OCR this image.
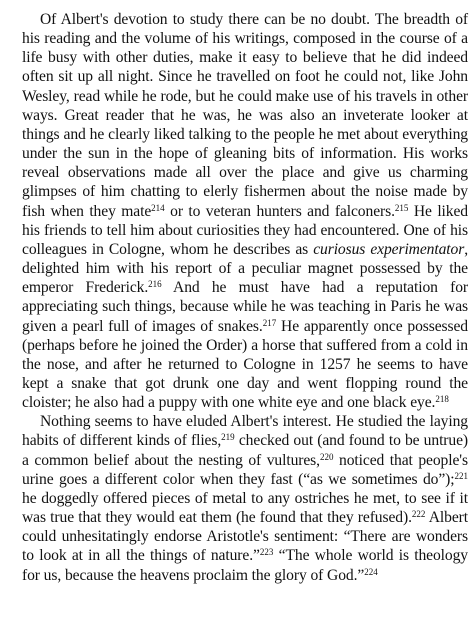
Of Albert's devotion to study there can be no doubt. The breadth of his reading and the volume of his writings, composed in the course of a life busy with other duties, make it easy to believe that he did indeed often sit up all night. Since he travelled on foot he could not, like John Wesley, read while he rode, but he could make use of his travels in other ways. Great reader that he was, he was also an inveterate looker at things and he clearly liked talking to the people he met about everything under the sun in the hope of gleaning bits of information. His works reveal observations made all over the place and give us charming glimpses of him chatting to elerly fishermen about the noise made by fish when they mate$^{214}$ or to veteran hunters and falconers.$^{215}$ He liked his friends to tell him about curiosities they had encountered. One of his colleagues in Cologne, whom he describes as curiosus experimentator, delighted him with his report of a peculiar magnet possessed by the emperor Frederick.$^{216}$ And he must have had a reputation for appreciating such things, because while he was teaching in Paris he was given a pearl full of images of snakes.$^{217}$ He apparently once possessed (perhaps before he joined the Order) a horse that suffered from a cold in the nose, and after he returned to Cologne in 1257 he seems to have kept a snake that got drunk one day and went flopping round the cloister; he also had a puppy with one white eye and one black eye.$^{218}$

Nothing seems to have eluded Albert's interest. He studied the laying habits of different kinds of flies,$^{219}$ checked out (and found to be untrue) a common belief about the nesting of vultures,$^{220}$ noticed that people's urine goes a different color when they fast (“as we sometimes do”);$^{221}$ he doggedly offered pieces of metal to any ostriches he met, to see if it was true that they would eat them (he found that they refused).$^{222}$ Albert could unhesitatingly endorse Aristotle's sentiment: “There are wonders to look at in all the things of nature.”$^{223}$ “The whole world is theology for us, because the heavens proclaim the glory of God.”$^{224}$
